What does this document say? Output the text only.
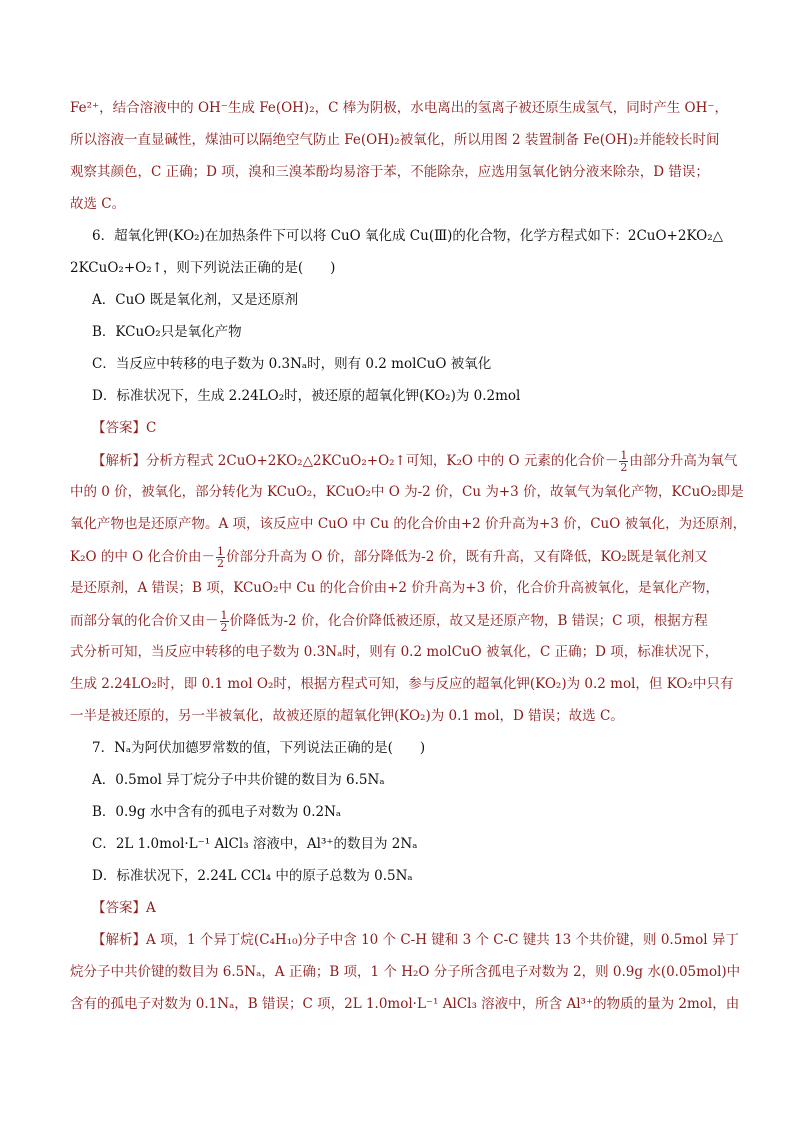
Fe²⁺，结合溶液中的 OH⁻生成 Fe(OH)₂，C 棒为阴极，水电离出的氢离子被还原生成氢气，同时产生 OH⁻，
所以溶液一直显碱性，煤油可以隔绝空气防止 Fe(OH)₂被氧化，所以用图 2 装置制备 Fe(OH)₂并能较长时间
观察其颜色，C 正确；D 项，溴和三溴苯酚均易溶于苯，不能除杂，应选用氢氧化钠分液来除杂，D 错误；
故选 C。
6．超氧化钾(KO₂)在加热条件下可以将 CuO 氧化成 Cu(Ⅲ)的化合物，化学方程式如下：2CuO+2KO₂△
2KCuO₂+O₂↑，则下列说法正确的是(　　)
A．CuO 既是氧化剂，又是还原剂
B．KCuO₂只是氧化产物
C．当反应中转移的电子数为 0.3Nₐ时，则有 0.2 molCuO 被氧化
D．标准状况下，生成 2.24LO₂时，被还原的超氧化钾(KO₂)为 0.2mol
【答案】C
【解析】分析方程式 2CuO+2KO₂△2KCuO₂+O₂↑可知，K₂O 中的 O 元素的化合价－ $\frac{1}{2}$ 由部分升高为氧气
中的 0 价，被氧化，部分转化为 KCuO₂，KCuO₂中 O 为-2 价，Cu 为+3 价，故氧气为氧化产物，KCuO₂即是
氧化产物也是还原产物。A 项，该反应中 CuO 中 Cu 的化合价由+2 价升高为+3 价，CuO 被氧化，为还原剂，
K₂O 的中 O 化合价由－ $\frac{1}{2}$ 价部分升高为 O 价，部分降低为-2 价，既有升高，又有降低，KO₂既是氧化剂又
是还原剂，A 错误；B 项，KCuO₂中 Cu 的化合价由+2 价升高为+3 价，化合价升高被氧化，是氧化产物，
而部分氧的化合价又由－ $\frac{1}{2}$ 价降低为-2 价，化合价降低被还原，故又是还原产物，B 错误；C 项，根据方程
式分析可知，当反应中转移的电子数为 0.3Nₐ时，则有 0.2 molCuO 被氧化，C 正确；D 项，标准状况下，
生成 2.24LO₂时，即 0.1 mol O₂时，根据方程式可知，参与反应的超氧化钾(KO₂)为 0.2 mol，但 KO₂中只有
一半是被还原的，另一半被氧化，故被还原的超氧化钾(KO₂)为 0.1 mol，D 错误；故选 C。
7．Nₐ为阿伏加德罗常数的值，下列说法正确的是(　　)
A．0.5mol 异丁烷分子中共价键的数目为 6.5Nₐ
B．0.9g 水中含有的孤电子对数为 0.2Nₐ
C．2L 1.0mol·L⁻¹ AlCl₃ 溶液中，Al³⁺的数目为 2Nₐ
D．标准状况下，2.24L CCl₄ 中的原子总数为 0.5Nₐ
【答案】A
【解析】A 项，1 个异丁烷(C₄H₁₀)分子中含 10 个 C-H 键和 3 个 C-C 键共 13 个共价键，则 0.5mol 异丁
烷分子中共价键的数目为 6.5Nₐ，A 正确；B 项，1 个 H₂O 分子所含孤电子对数为 2，则 0.9g 水(0.05mol)中
含有的孤电子对数为 0.1Nₐ，B 错误；C 项，2L 1.0mol·L⁻¹ AlCl₃ 溶液中，所含 Al³⁺的物质的量为 2mol，由
